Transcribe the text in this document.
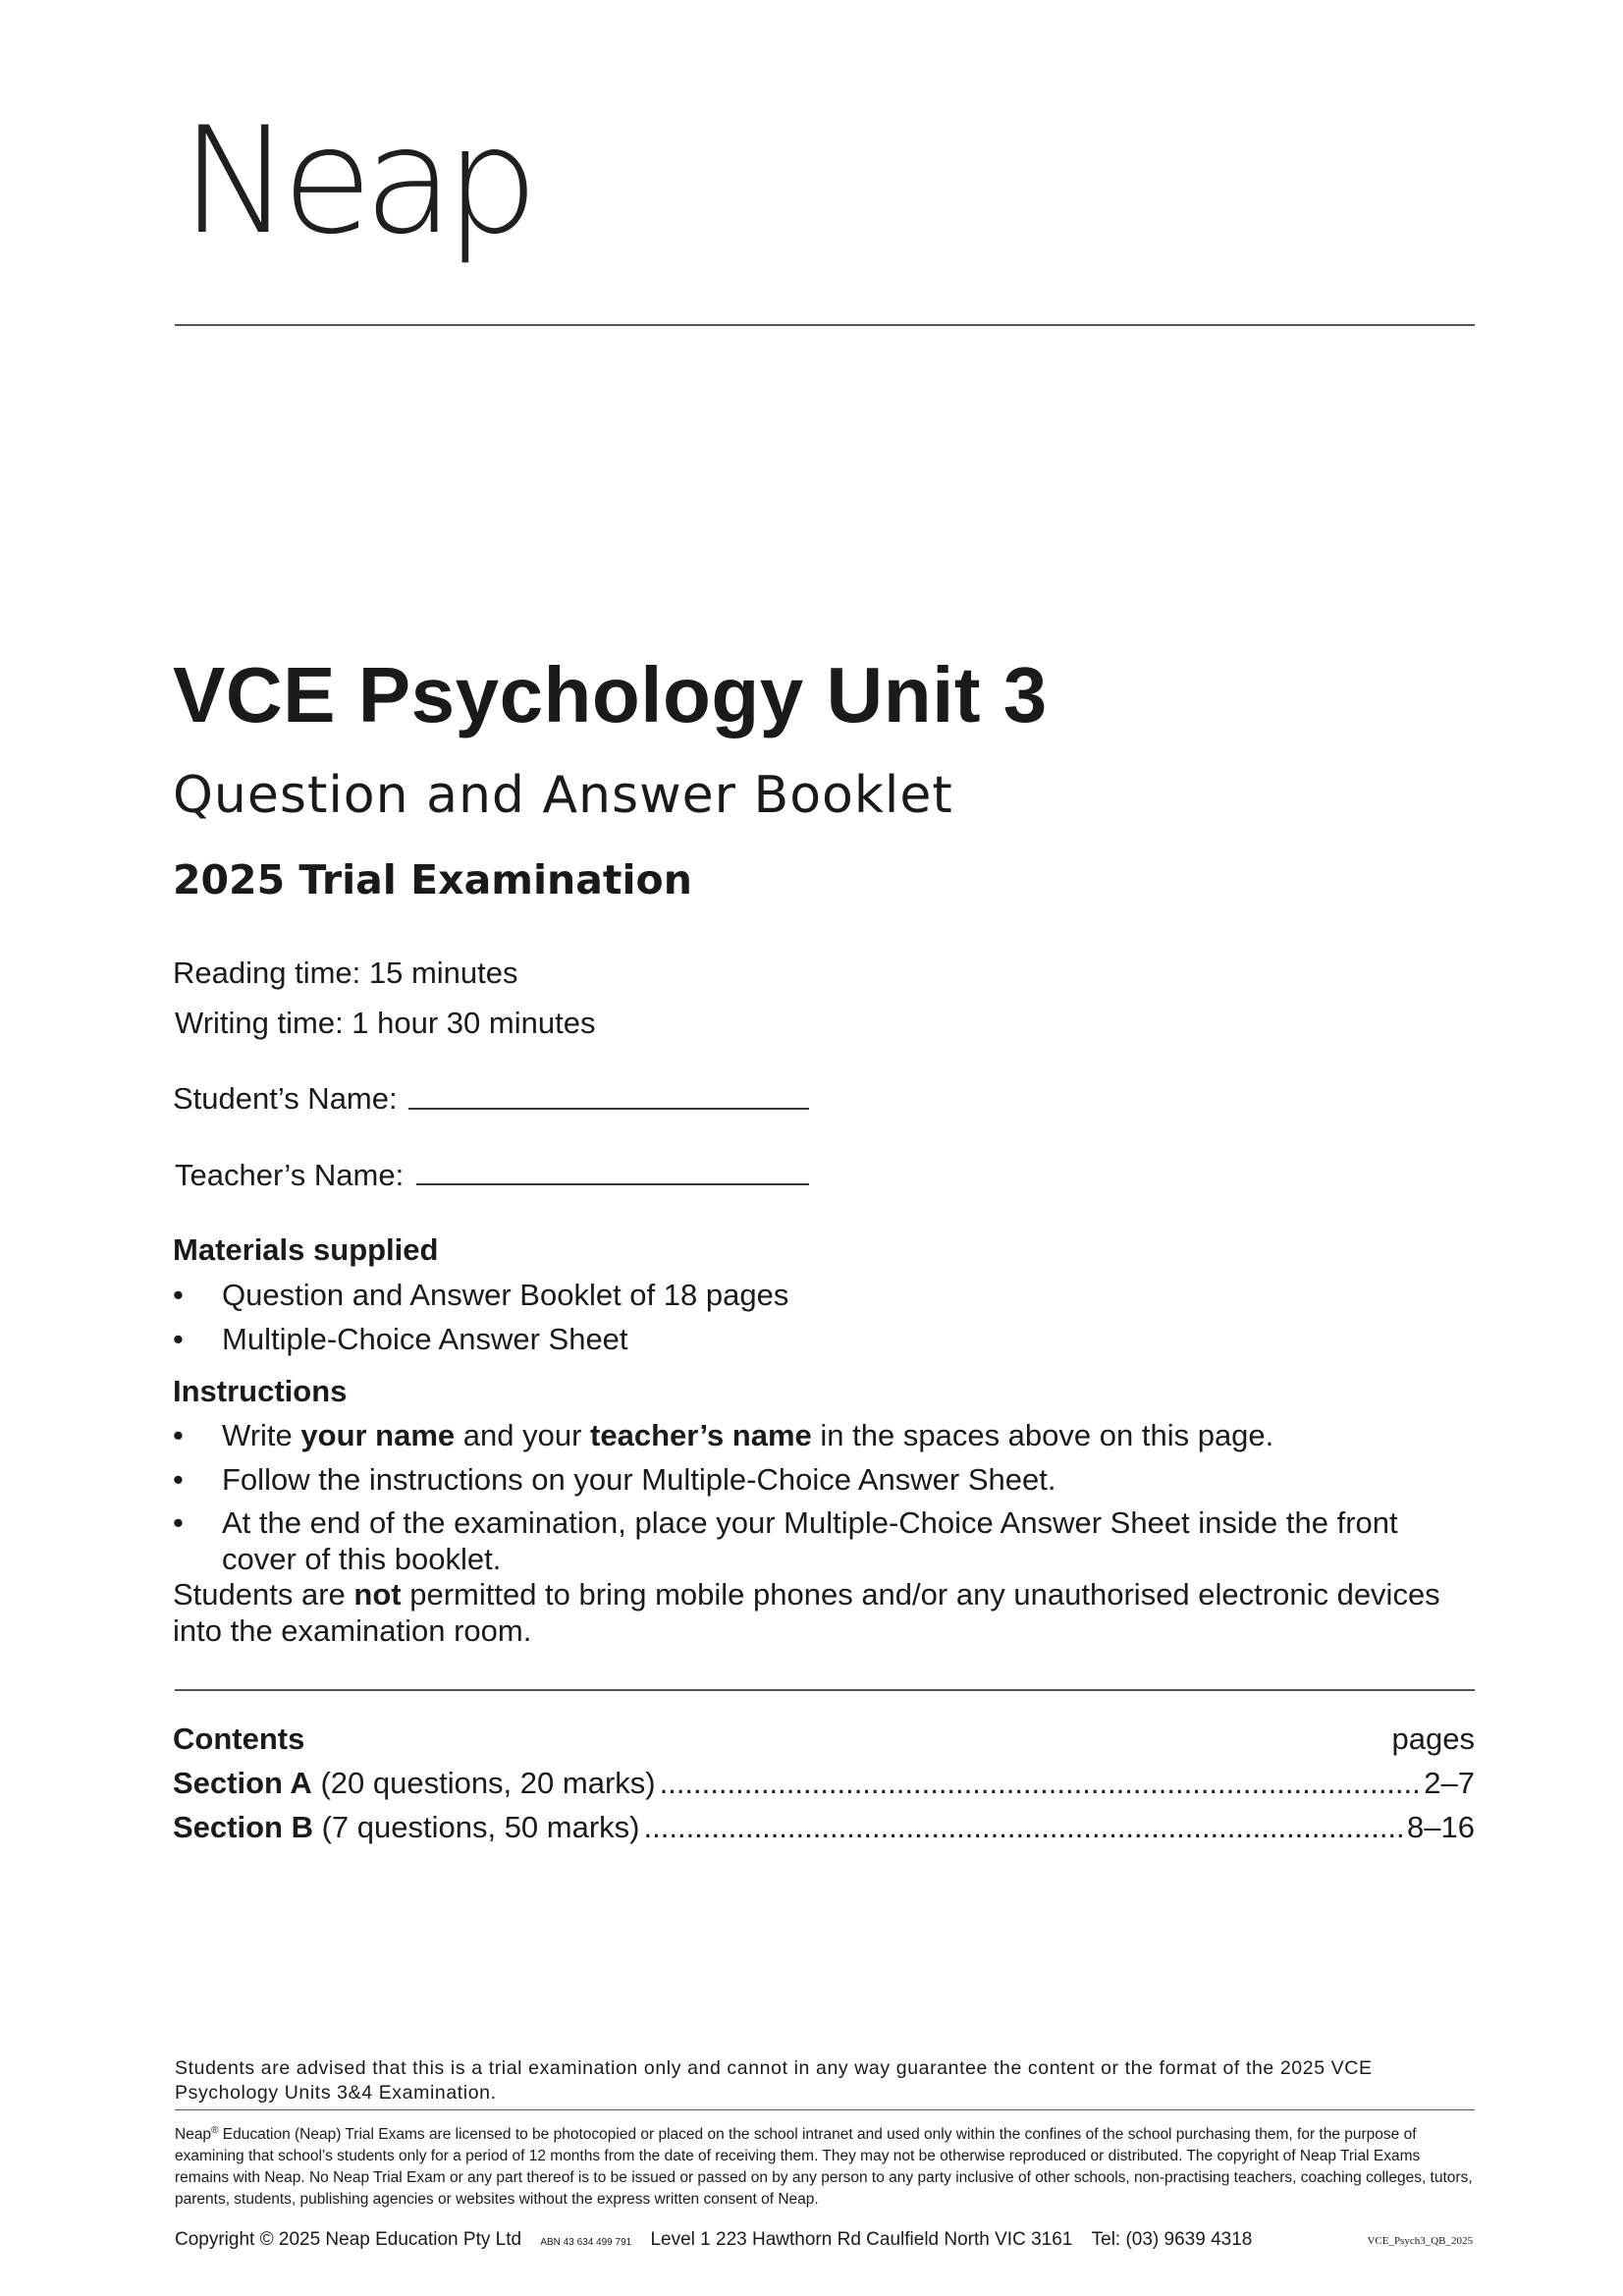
Neap
VCE Psychology Unit 3
Question and Answer Booklet
2025 Trial Examination
Reading time: 15 minutes
Writing time: 1 hour 30 minutes
Student’s Name:
Teacher’s Name:
Materials supplied
• Question and Answer Booklet of 18 pages
• Multiple-Choice Answer Sheet
Instructions
• Write your name and your teacher’s name in the spaces above on this page.
• Follow the instructions on your Multiple-Choice Answer Sheet.
• At the end of the examination, place your Multiple-Choice Answer Sheet inside the front cover of this booklet.
Students are not permitted to bring mobile phones and/or any unauthorised electronic devices into the examination room.
Contents	pages
Section A (20 questions, 20 marks) .....	2–7
Section B (7 questions, 50 marks) .....	8–16
Students are advised that this is a trial examination only and cannot in any way guarantee the content or the format of the 2025 VCE Psychology Units 3&4 Examination.
Neap® Education (Neap) Trial Exams are licensed to be photocopied or placed on the school intranet and used only within the confines of the school purchasing them, for the purpose of examining that school’s students only for a period of 12 months from the date of receiving them. They may not be otherwise reproduced or distributed. The copyright of Neap Trial Exams remains with Neap. No Neap Trial Exam or any part thereof is to be issued or passed on by any person to any party inclusive of other schools, non-practising teachers, coaching colleges, tutors, parents, students, publishing agencies or websites without the express written consent of Neap.
Copyright © 2025 Neap Education Pty Ltd ABN 43 634 499 791 Level 1 223 Hawthorn Rd Caulfield North VIC 3161 Tel: (03) 9639 4318	VCE_Psych3_QB_2025
